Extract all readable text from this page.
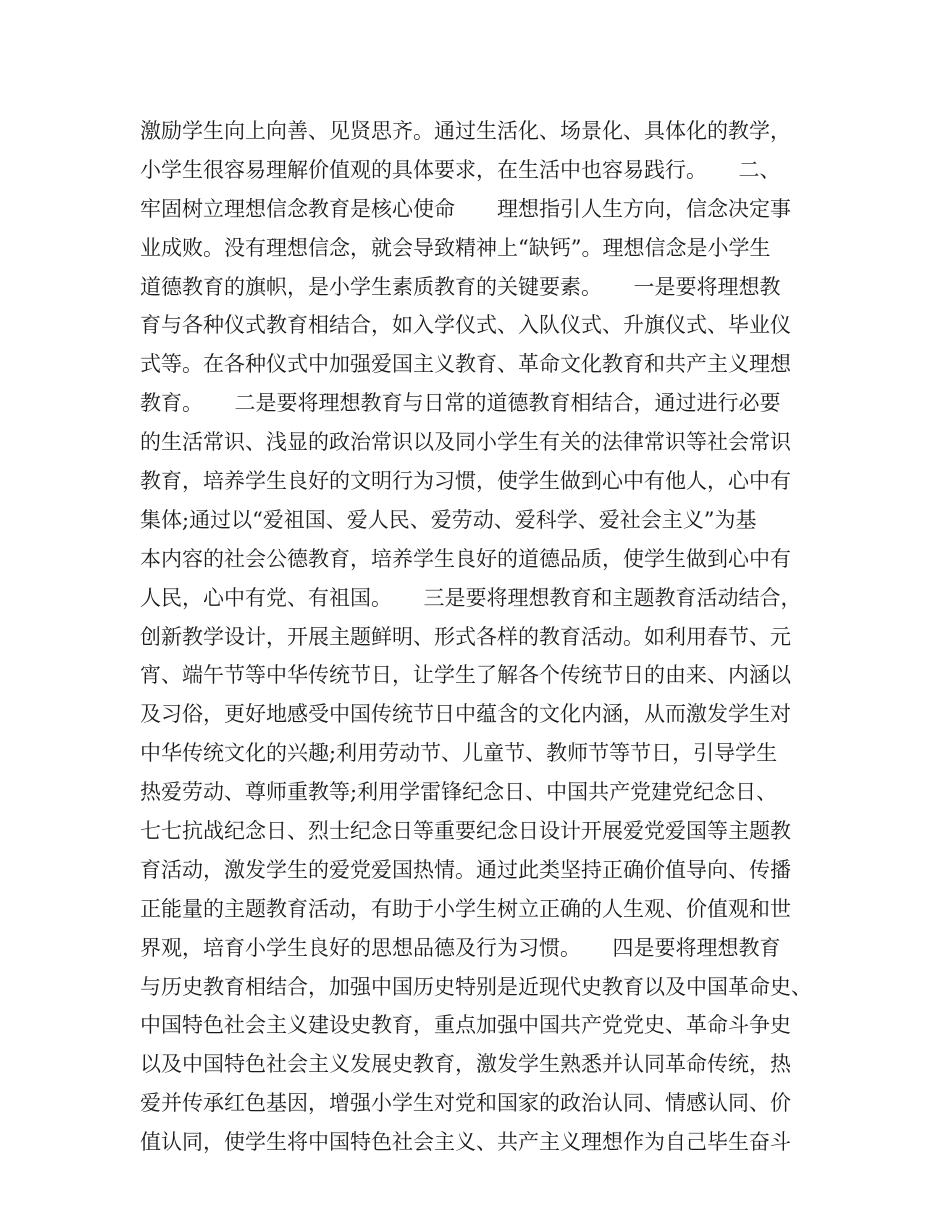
激励学生向上向善、见贤思齐。通过生活化、场景化、具体化的教学，
小学生很容易理解价值观的具体要求，在生活中也容易践行。　　二、
牢固树立理想信念教育是核心使命　　理想指引人生方向，信念决定事
业成败。没有理想信念，就会导致精神上“缺钙”。理想信念是小学生
道德教育的旗帜，是小学生素质教育的关键要素。　　一是要将理想教
育与各种仪式教育相结合，如入学仪式、入队仪式、升旗仪式、毕业仪
式等。在各种仪式中加强爱国主义教育、革命文化教育和共产主义理想
教育。　　二是要将理想教育与日常的道德教育相结合，通过进行必要
的生活常识、浅显的政治常识以及同小学生有关的法律常识等社会常识
教育，培养学生良好的文明行为习惯，使学生做到心中有他人，心中有
集体;通过以“爱祖国、爱人民、爱劳动、爱科学、爱社会主义”为基
本内容的社会公德教育，培养学生良好的道德品质，使学生做到心中有
人民，心中有党、有祖国。　　三是要将理想教育和主题教育活动结合，
创新教学设计，开展主题鲜明、形式各样的教育活动。如利用春节、元
宵、端午节等中华传统节日，让学生了解各个传统节日的由来、内涵以
及习俗，更好地感受中国传统节日中蕴含的文化内涵，从而激发学生对
中华传统文化的兴趣;利用劳动节、儿童节、教师节等节日，引导学生
热爱劳动、尊师重教等;利用学雷锋纪念日、中国共产党建党纪念日、
七七抗战纪念日、烈士纪念日等重要纪念日设计开展爱党爱国等主题教
育活动，激发学生的爱党爱国热情。通过此类坚持正确价值导向、传播
正能量的主题教育活动，有助于小学生树立正确的人生观、价值观和世
界观，培育小学生良好的思想品德及行为习惯。　　四是要将理想教育
与历史教育相结合，加强中国历史特别是近现代史教育以及中国革命史、
中国特色社会主义建设史教育，重点加强中国共产党党史、革命斗争史
以及中国特色社会主义发展史教育，激发学生熟悉并认同革命传统，热
爱并传承红色基因，增强小学生对党和国家的政治认同、情感认同、价
值认同，使学生将中国特色社会主义、共产主义理想作为自己毕生奋斗
